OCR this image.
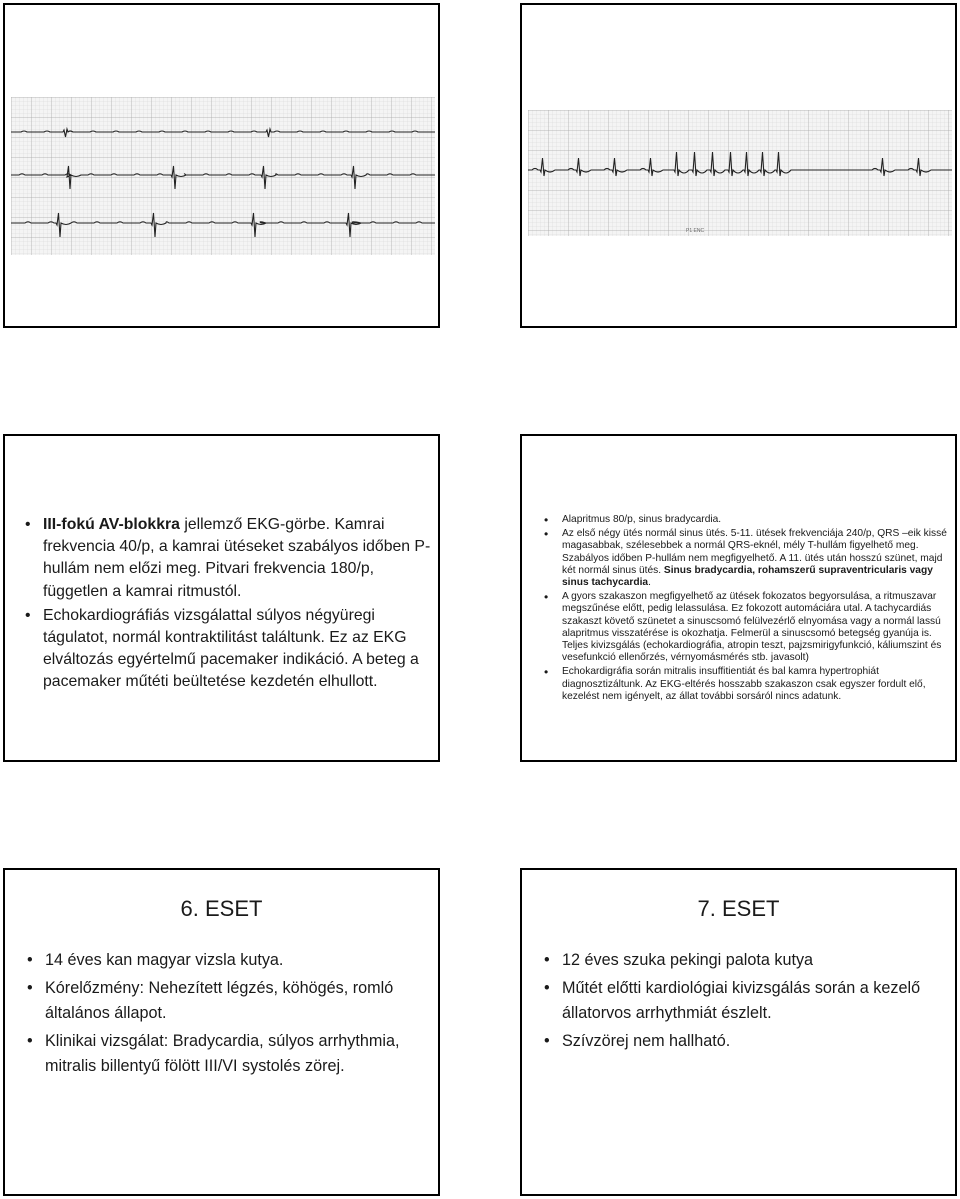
P1 ENC
• III-fokú AV-blokkra jellemző EKG-görbe. Kamrai frekvencia 40/p, a kamrai ütéseket szabályos időben P-hullám nem előzi meg. Pitvari frekvencia 180/p, független a kamrai ritmustól.
• Echokardiográfiás vizsgálattal súlyos négyüregi tágulatot, normál kontraktilitást találtunk. Ez az EKG elváltozás egyértelmű pacemaker indikáció. A beteg a pacemaker műtéti beültetése kezdetén elhullott.
• Alapritmus 80/p, sinus bradycardia.
• Az első négy ütés normál sinus ütés. 5-11. ütések frekvenciája 240/p, QRS –eik kissé magasabbak, szélesebbek a normál QRS-eknél, mély T-hullám figyelhető meg. Szabályos időben P-hullám nem megfigyelhető. A 11. ütés után hosszú szünet, majd két normál sinus ütés. Sinus bradycardia, rohamszerű supraventricularis vagy sinus tachycardia.
• A gyors szakaszon megfigyelhető az ütések fokozatos begyorsulása, a ritmuszavar megszűnése előtt, pedig lelassulása. Ez fokozott automáciára utal. A tachycardiás szakaszt követő szünetet a sinuscsomó felülvezérlő elnyomása vagy a normál lassú alapritmus visszatérése is okozhatja. Felmerül a sinuscsomó betegség gyanúja is. Teljes kivizsgálás (echokardiográfia, atropin teszt, pajzsmirigyfunkció, káliumszint és vesefunkció ellenőrzés, vérnyomásmérés stb. javasolt)
• Echokardigráfia során mitralis insuffitientiát és bal kamra hypertrophiát diagnosztizáltunk. Az EKG-eltérés hosszabb szakaszon csak egyszer fordult elő, kezelést nem igényelt, az állat további sorsáról nincs adatunk.
6. ESET
• 14 éves kan magyar vizsla kutya.
• Kórelőzmény: Nehezített légzés, köhögés, romló általános állapot.
• Klinikai vizsgálat: Bradycardia, súlyos arrhythmia, mitralis billentyű fölött III/VI systolés zörej.
7. ESET
• 12 éves szuka pekingi palota kutya
• Műtét előtti kardiológiai kivizsgálás során a kezelő állatorvos arrhythmiát észlelt.
• Szívzörej nem hallható.
